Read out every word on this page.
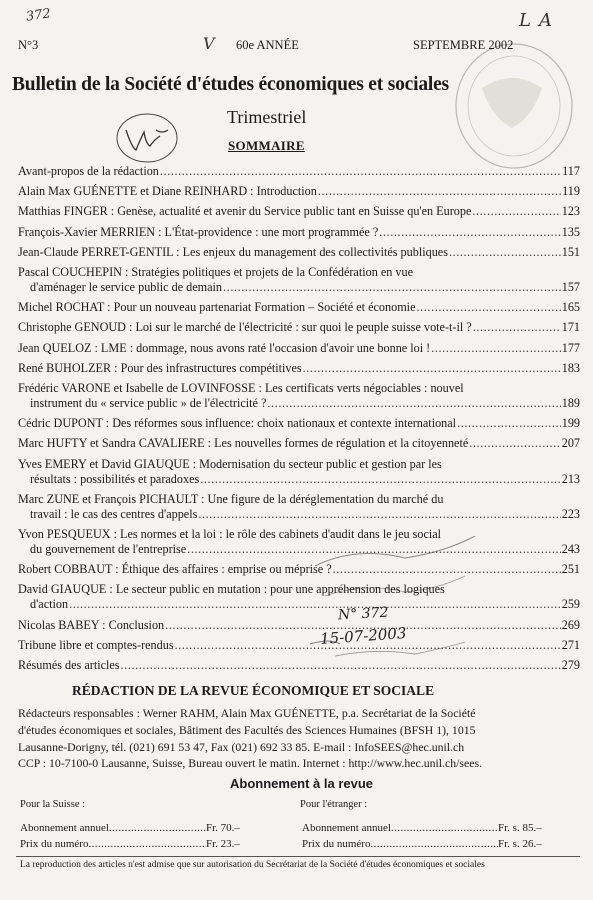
372	LA
V
N°3	60e ANNÉE	SEPTEMBRE 2002
Bulletin de la Société d'études économiques et sociales
Trimestriel
SOMMAIRE
Avant-propos de la rédaction .....	117
Alain Max GUÉNETTE et Diane REINHARD : Introduction .....	119
Matthias FINGER : Genèse, actualité et avenir du Service public tant en Suisse qu'en Europe .....	123
François-Xavier MERRIEN : L'État-providence : une mort programmée ? .....	135
Jean-Claude PERRET-GENTIL : Les enjeux du management des collectivités publiques .....	151
Pascal COUCHEPIN : Stratégies politiques et projets de la Confédération en vue
d'aménager le service public de demain .....	157
Michel ROCHAT : Pour un nouveau partenariat Formation – Société et économie .....	165
Christophe GENOUD : Loi sur le marché de l'électricité : sur quoi le peuple suisse vote-t-il ? .....	171
Jean QUELOZ : LME : dommage, nous avons raté l'occasion d'avoir une bonne loi ! .....	177
René BUHOLZER : Pour des infrastructures compétitives .....	183
Frédéric VARONE et Isabelle de LOVINFOSSE : Les certificats verts négociables : nouvel
instrument du « service public » de l'électricité ? .....	189
Cédric DUPONT : Des réformes sous influence: choix nationaux et contexte international .....	199
Marc HUFTY et Sandra CAVALIERE : Les nouvelles formes de régulation et la citoyenneté .....	207
Yves EMERY et David GIAUQUE : Modernisation du secteur public et gestion par les
résultats : possibilités et paradoxes .....	213
Marc ZUNE et François PICHAULT : Une figure de la déréglementation du marché du
travail : le cas des centres d'appels .....	223
Yvon PESQUEUX : Les normes et la loi : le rôle des cabinets d'audit dans le jeu social
du gouvernement de l'entreprise .....	243
Robert COBBAUT : Éthique des affaires : emprise ou méprise ? .....	251
David GIAUQUE : Le secteur public en mutation : pour une appréhension des logiques
d'action .....	259
Nicolas BABEY : Conclusion .....	269
Tribune libre et comptes-rendus .....	271
Résumés des articles .....	279
N° 372
15-07-2003
RÉDACTION DE LA REVUE ÉCONOMIQUE ET SOCIALE
Rédacteurs responsables : Werner RAHM, Alain Max GUÉNETTE, p.a. Secrétariat de la Société
d'études économiques et sociales, Bâtiment des Facultés des Sciences Humaines (BFSH 1), 1015
Lausanne-Dorigny, tél. (021) 691 53 47, Fax (021) 692 33 85. E-mail : InfoSEES@hec.unil.ch
CCP : 10-7100-0 Lausanne, Suisse, Bureau ouvert le matin. Internet : http://www.hec.unil.ch/sees.
Abonnement à la revue
Pour la Suisse :	Pour l'étranger :
Abonnement annuel .....	Fr. 70.–
Prix du numéro .....	Fr. 23.–
Abonnement annuel .....	Fr. s. 85.–
Prix du numéro .....	Fr. s. 26.–
La reproduction des articles n'est admise que sur autorisation du Secrétariat de la Société d'études économiques et sociales
